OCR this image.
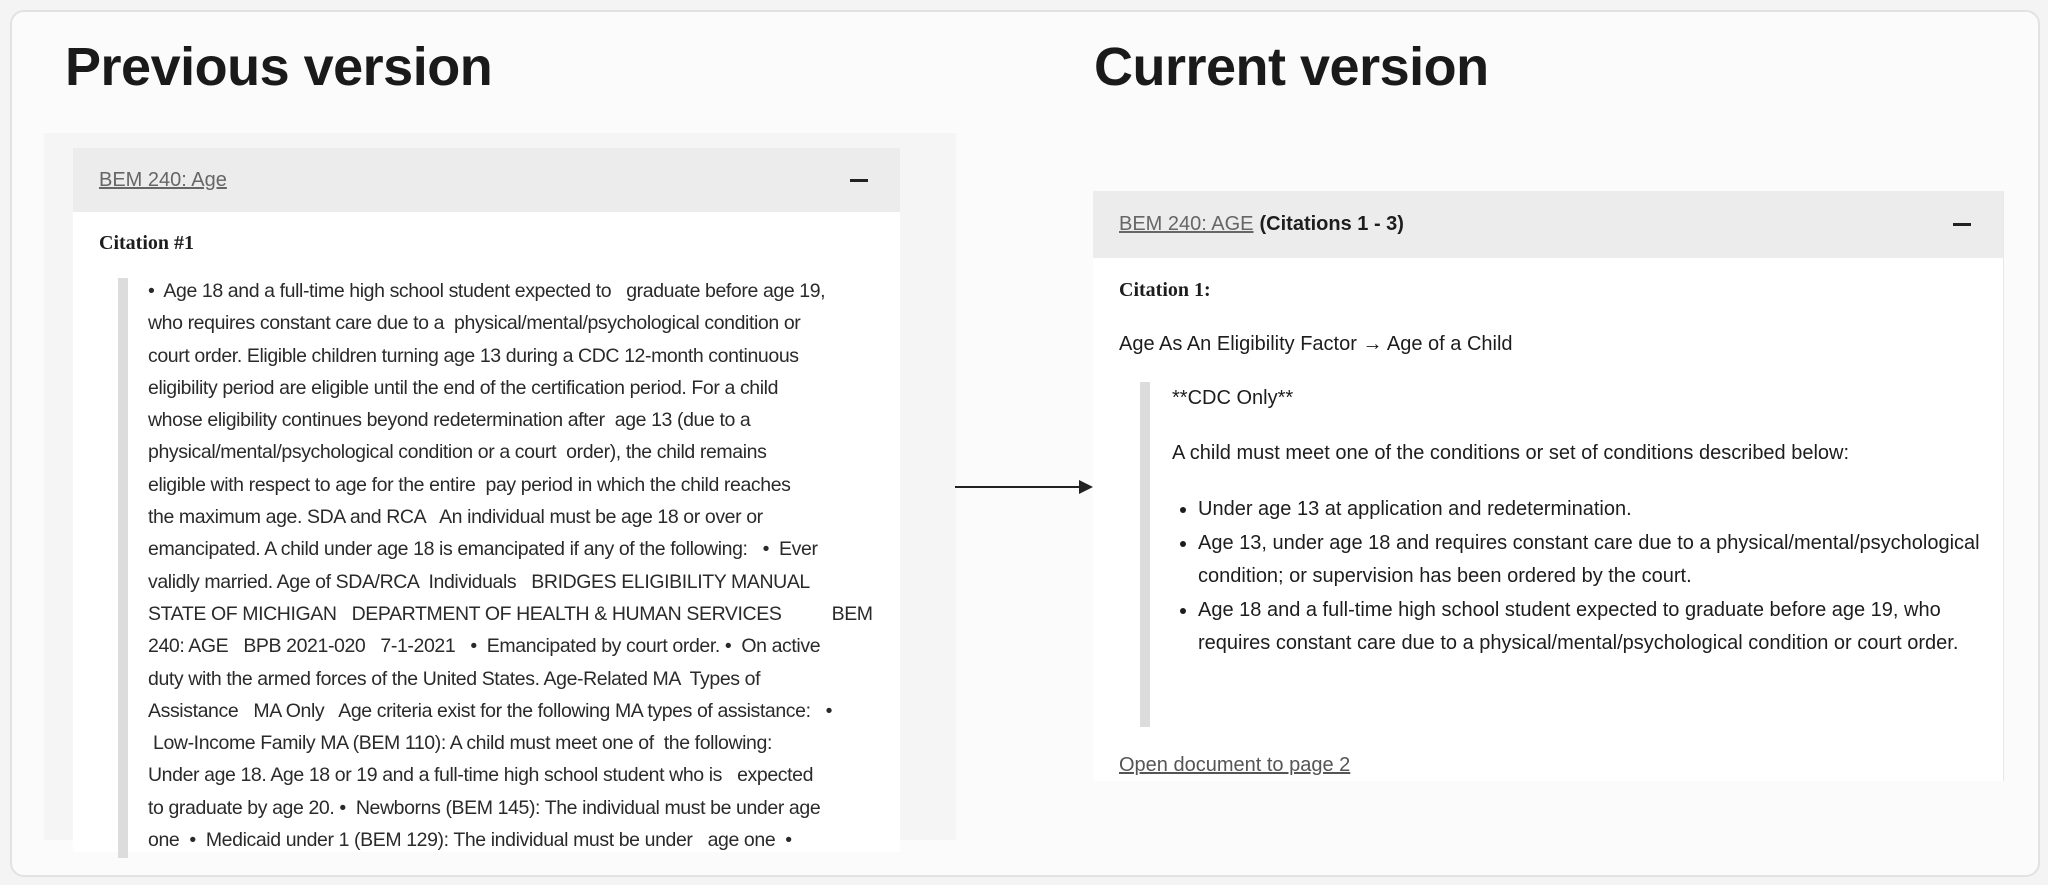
Previous version	Current version
BEM 240: Age
Citation #1
•  Age 18 and a full-time high school student expected to   graduate before age 19,
who requires constant care due to a  physical/mental/psychological condition or
court order. Eligible children turning age 13 during a CDC 12-month continuous
eligibility period are eligible until the end of the certification period. For a child
whose eligibility continues beyond redetermination after  age 13 (due to a
physical/mental/psychological condition or a court  order), the child remains
eligible with respect to age for the entire  pay period in which the child reaches
the maximum age. SDA and RCA   An individual must be age 18 or over or
emancipated. A child under age 18 is emancipated if any of the following:   •  Ever
validly married. Age of SDA/RCA  Individuals   BRIDGES ELIGIBILITY MANUAL
STATE OF MICHIGAN   DEPARTMENT OF HEALTH & HUMAN SERVICES          BEM
240: AGE   BPB 2021-020   7-1-2021   •  Emancipated by court order. •  On active
duty with the armed forces of the United States. Age-Related MA  Types of
Assistance   MA Only   Age criteria exist for the following MA types of assistance:   •
Low-Income Family MA (BEM 110): A child must meet one of  the following:
Under age 18. Age 18 or 19 and a full-time high school student who is   expected
to graduate by age 20. •  Newborns (BEM 145): The individual must be under age
one  •  Medicaid under 1 (BEM 129): The individual must be under   age one  •
BEM 240: AGE (Citations 1 - 3)
Citation 1:
Age As An Eligibility Factor → Age of a Child
**CDC Only**
A child must meet one of the conditions or set of conditions described below:
• Under age 13 at application and redetermination.
• Age 13, under age 18 and requires constant care due to a physical/mental/psychological condition; or supervision has been ordered by the court.
• Age 18 and a full-time high school student expected to graduate before age 19, who requires constant care due to a physical/mental/psychological condition or court order.
Open document to page 2
